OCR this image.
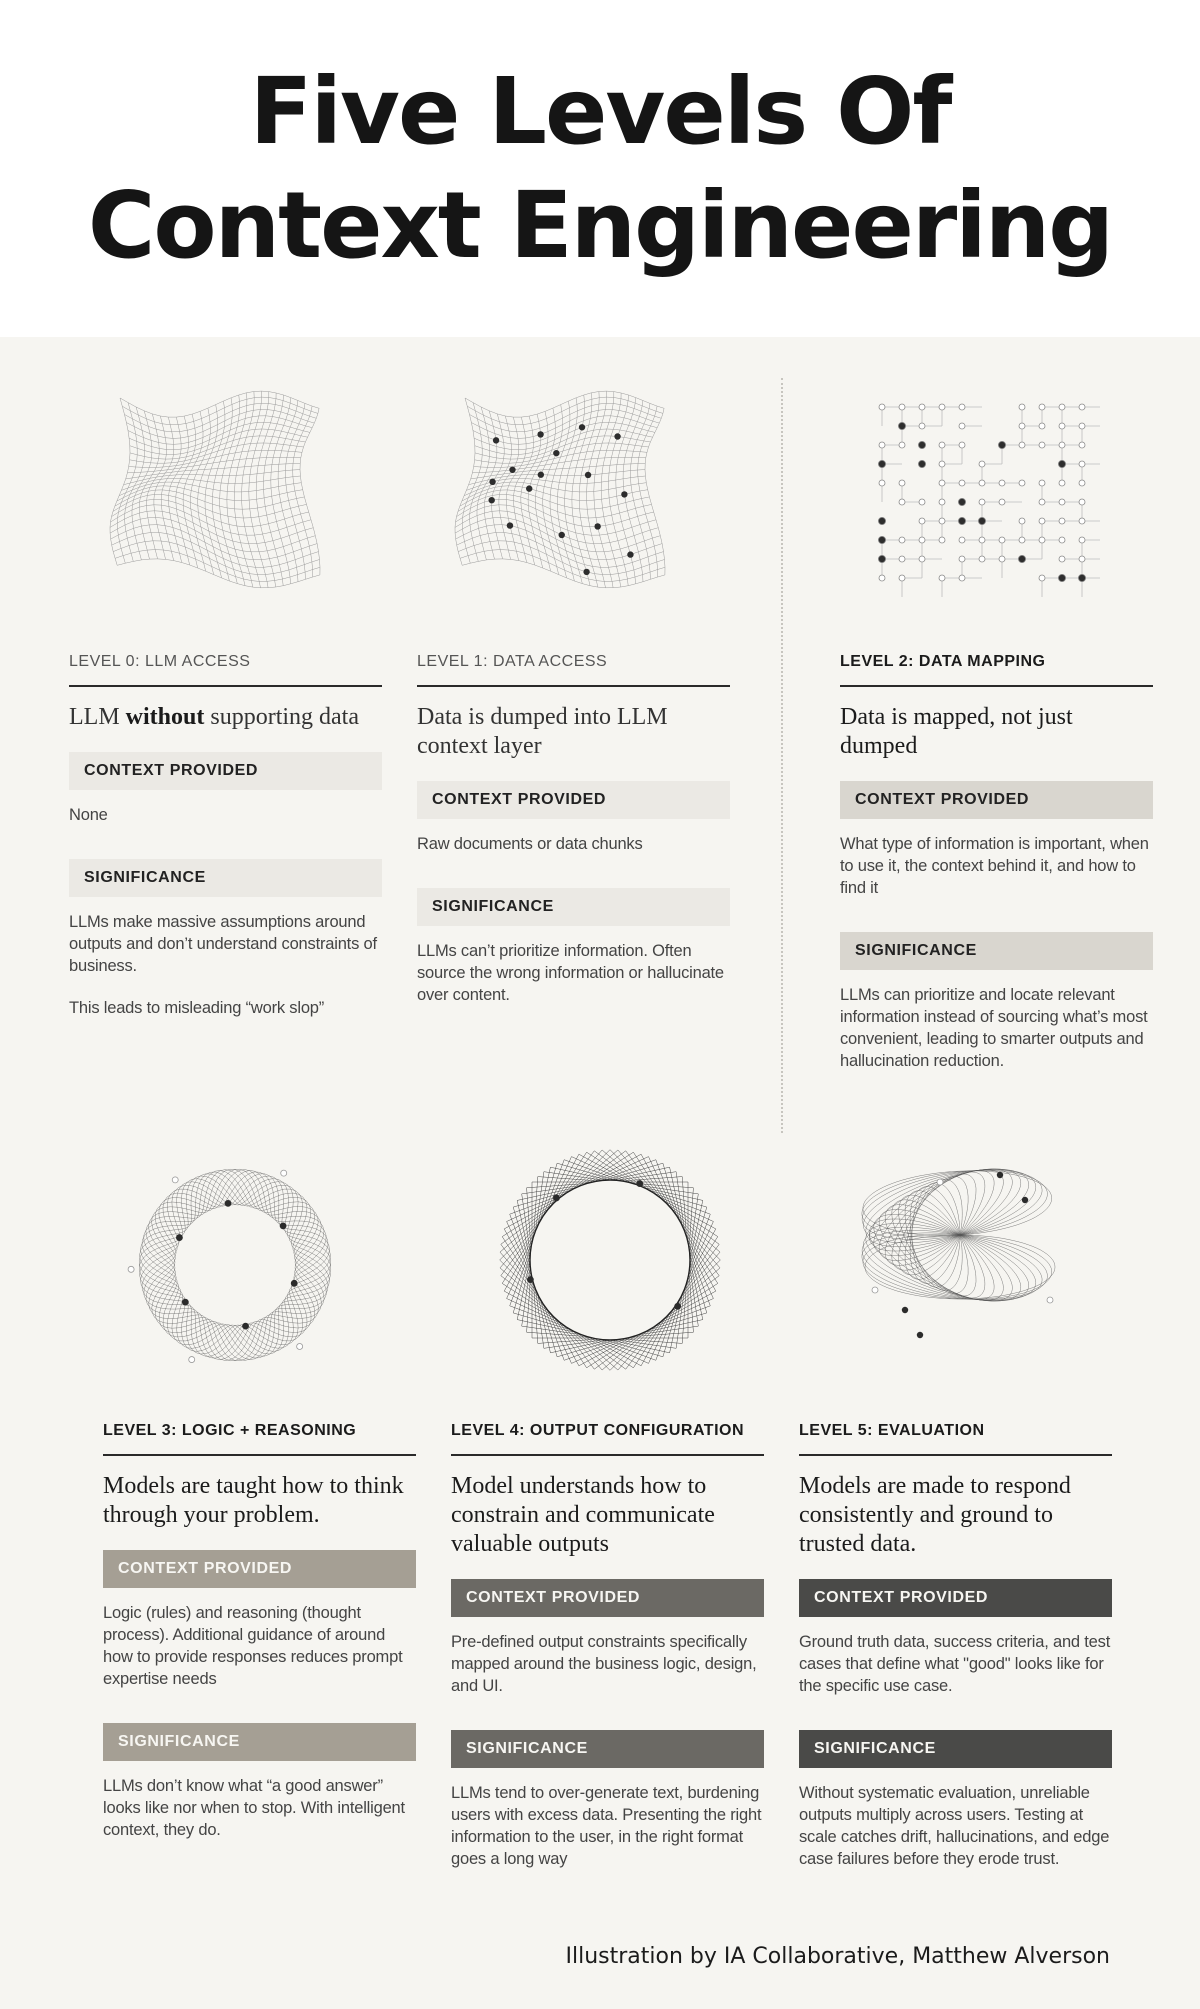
Five Levels Of
Context Engineering
LEVEL 0: LLM ACCESS
LLM without supporting data
CONTEXT PROVIDED
None
SIGNIFICANCE
LLMs make massive assumptions around outputs and don’t understand constraints of business.
This leads to misleading “work slop”
LEVEL 1: DATA ACCESS
Data is dumped into LLM context layer
CONTEXT PROVIDED
Raw documents or data chunks
SIGNIFICANCE
LLMs can’t prioritize information. Often source the wrong information or hallucinate over content.
LEVEL 2: DATA MAPPING
Data is mapped, not just dumped
CONTEXT PROVIDED
What type of information is important, when to use it, the context behind it, and how to find it
SIGNIFICANCE
LLMs can prioritize and locate relevant information instead of sourcing what’s most convenient, leading to smarter outputs and hallucination reduction.
LEVEL 3: LOGIC + REASONING
Models are taught how to think through your problem.
CONTEXT PROVIDED
Logic (rules) and reasoning (thought process). Additional guidance of around how to provide responses reduces prompt expertise needs
SIGNIFICANCE
LLMs don’t know what “a good answer” looks like nor when to stop. With intelligent context, they do.
LEVEL 4: OUTPUT CONFIGURATION
Model understands how to constrain and communicate valuable outputs
CONTEXT PROVIDED
Pre-defined output constraints specifically mapped around the business logic, design, and UI.
SIGNIFICANCE
LLMs tend to over-generate text, burdening users with excess data. Presenting the right information to the user, in the right format goes a long way
LEVEL 5: EVALUATION
Models are made to respond consistently and ground to trusted data.
CONTEXT PROVIDED
Ground truth data, success criteria, and test cases that define what "good" looks like for the specific use case.
SIGNIFICANCE
Without systematic evaluation, unreliable outputs multiply across users. Testing at scale catches drift, hallucinations, and edge case failures before they erode trust.
Illustration by IA Collaborative, Matthew Alverson
